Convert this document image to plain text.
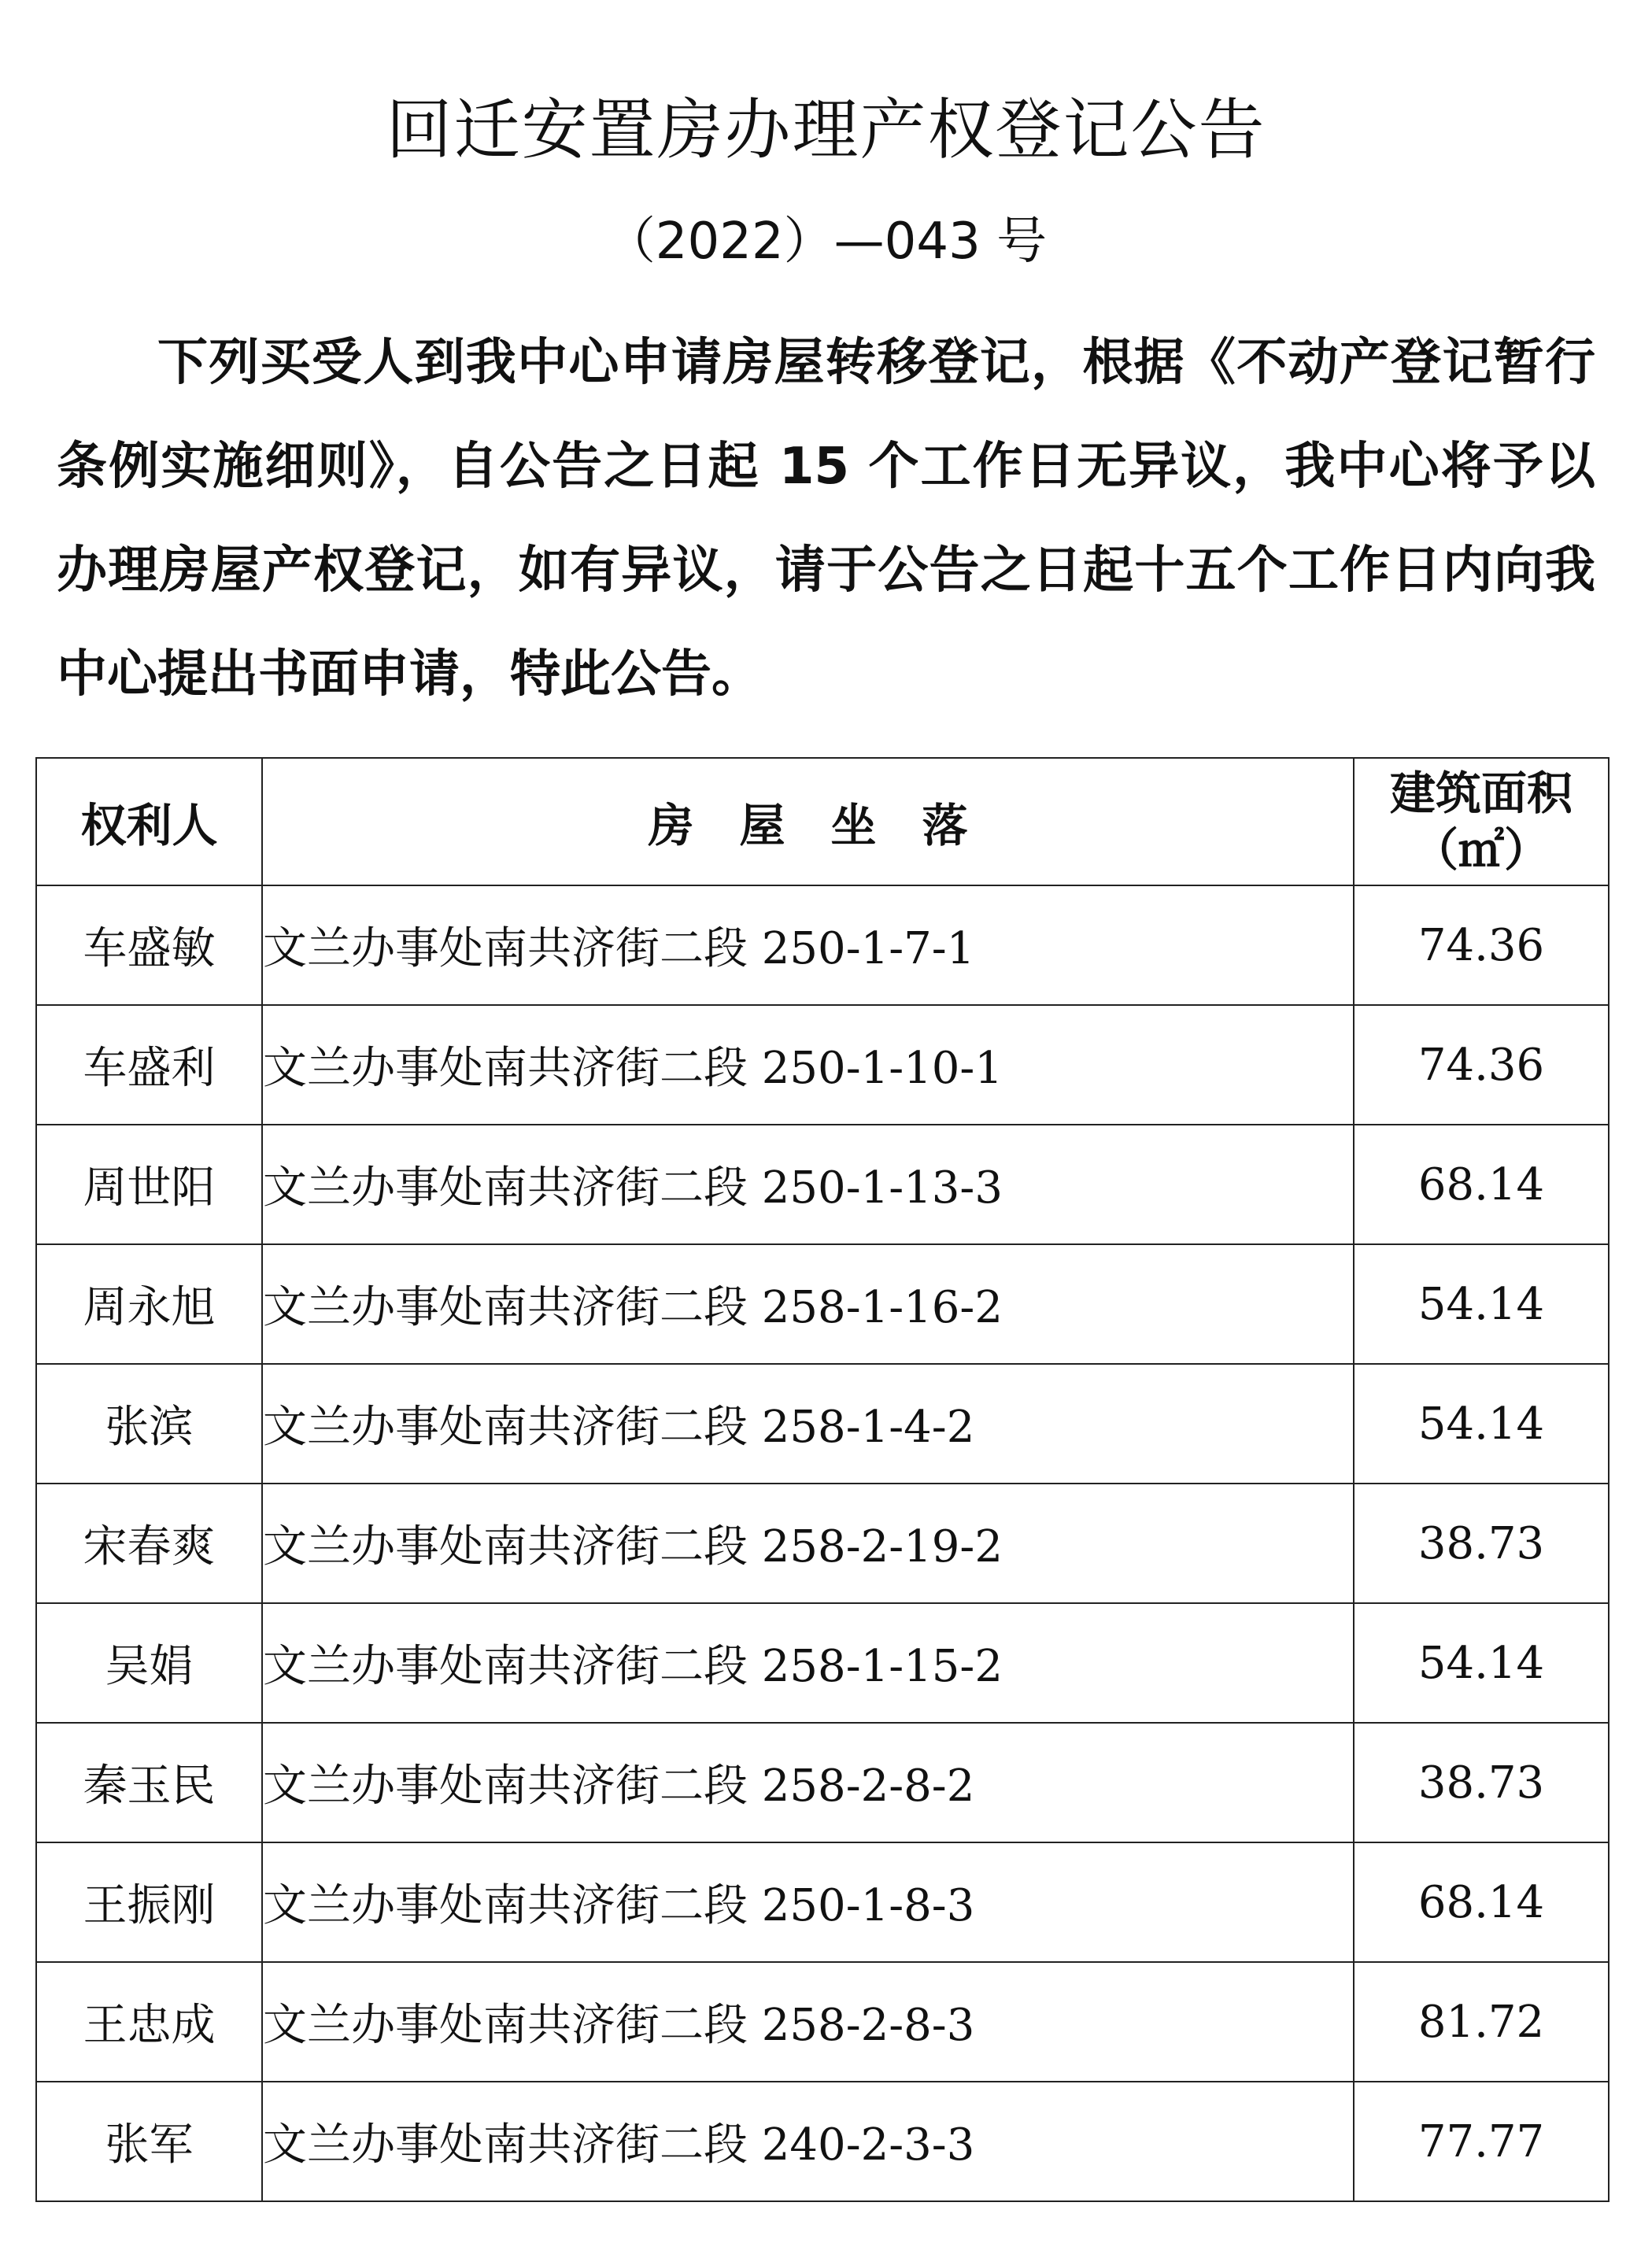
回迁安置房办理产权登记公告
（2022）—043 号

下列买受人到我中心申请房屋转移登记，根据《不动产登记暂行条例实施细则》，自公告之日起 15 个工作日无异议，我中心将予以办理房屋产权登记，如有异议，请于公告之日起十五个工作日内向我中心提出书面申请，特此公告。

权利人	房　屋　坐　落	建筑面积
（㎡）

车盛敏	文兰办事处南共济街二段 250-1-7-1	74.36
车盛利	文兰办事处南共济街二段 250-1-10-1	74.36
周世阳	文兰办事处南共济街二段 250-1-13-3	68.14
周永旭	文兰办事处南共济街二段 258-1-16-2	54.14
张滨	文兰办事处南共济街二段 258-1-4-2	54.14
宋春爽	文兰办事处南共济街二段 258-2-19-2	38.73
吴娟	文兰办事处南共济街二段 258-1-15-2	54.14
秦玉民	文兰办事处南共济街二段 258-2-8-2	38.73
王振刚	文兰办事处南共济街二段 250-1-8-3	68.14
王忠成	文兰办事处南共济街二段 258-2-8-3	81.72
张军	文兰办事处南共济街二段 240-2-3-3	77.77
